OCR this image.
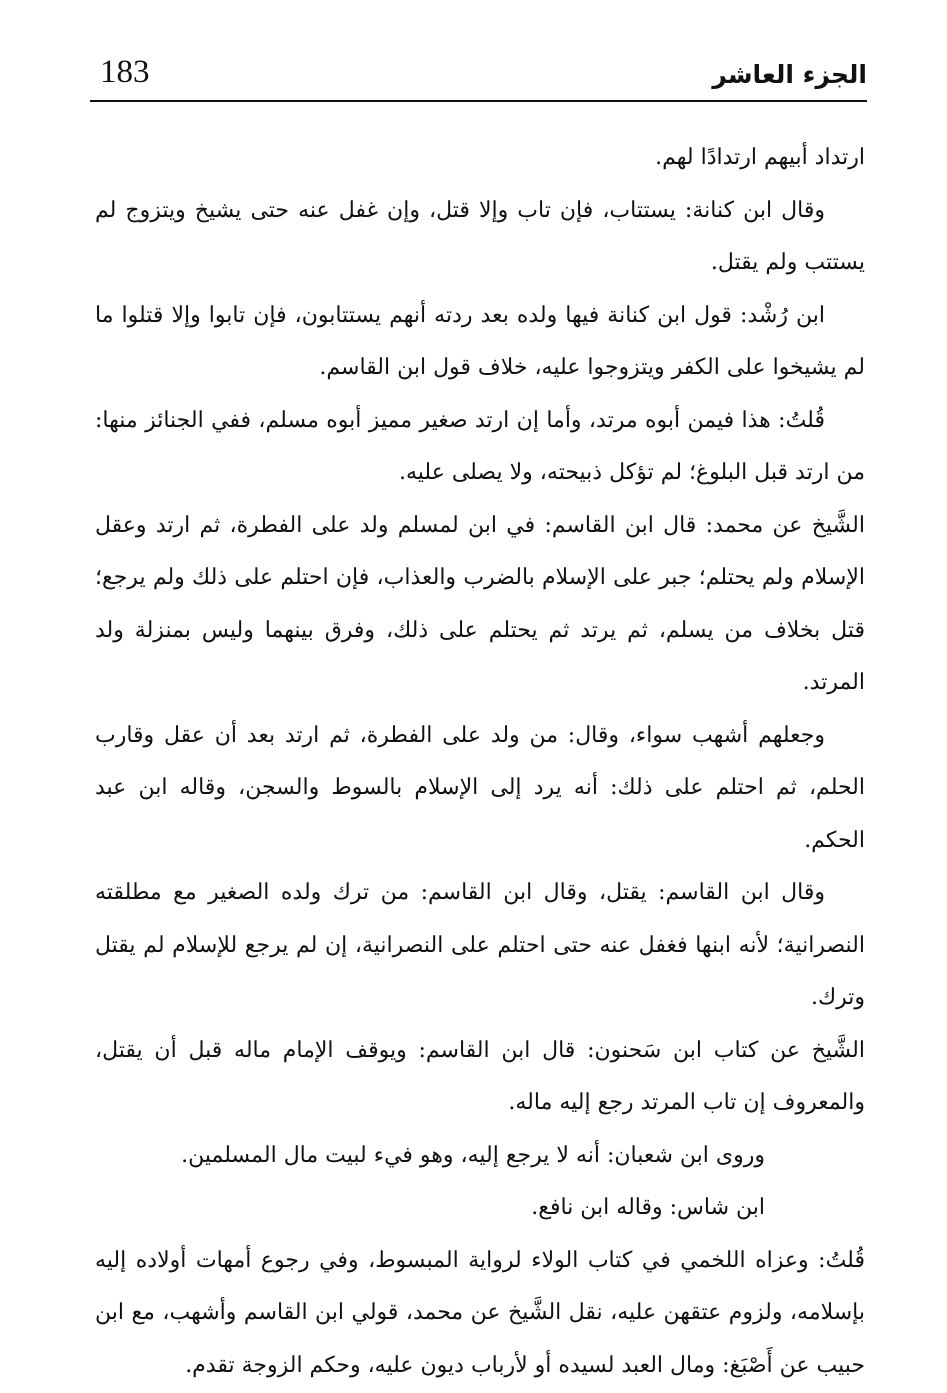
183	الجزء العاشر

ارتداد أبيهم ارتدادًا لهم.

وقال ابن كنانة: يستتاب، فإن تاب وإلا قتل، وإن غفل عنه حتى يشيخ ويتزوج لم يستتب ولم يقتل.

ابن رُشْد: قول ابن كنانة فيها ولده بعد ردته أنهم يستتابون، فإن تابوا وإلا قتلوا ما لم يشيخوا على الكفر ويتزوجوا عليه، خلاف قول ابن القاسم.

قُلتُ: هذا فيمن أبوه مرتد، وأما إن ارتد صغير مميز أبوه مسلم، ففي الجنائز منها: من ارتد قبل البلوغ؛ لم تؤكل ذبيحته، ولا يصلى عليه.

الشَّيخ عن محمد: قال ابن القاسم: في ابن لمسلم ولد على الفطرة، ثم ارتد وعقل الإسلام ولم يحتلم؛ جبر على الإسلام بالضرب والعذاب، فإن احتلم على ذلك ولم يرجع؛ قتل بخلاف من يسلم، ثم يرتد ثم يحتلم على ذلك، وفرق بينهما وليس بمنزلة ولد المرتد.

وجعلهم أشهب سواء، وقال: من ولد على الفطرة، ثم ارتد بعد أن عقل وقارب الحلم، ثم احتلم على ذلك: أنه يرد إلى الإسلام بالسوط والسجن، وقاله ابن عبد الحكم.

وقال ابن القاسم: يقتل، وقال ابن القاسم: من ترك ولده الصغير مع مطلقته النصرانية؛ لأنه ابنها فغفل عنه حتى احتلم على النصرانية، إن لم يرجع للإسلام لم يقتل وترك.

الشَّيخ عن كتاب ابن سَحنون: قال ابن القاسم: ويوقف الإمام ماله قبل أن يقتل، والمعروف إن تاب المرتد رجع إليه ماله.

وروى ابن شعبان: أنه لا يرجع إليه، وهو فيء لبيت مال المسلمين.

ابن شاس: وقاله ابن نافع.

قُلتُ: وعزاه اللخمي في كتاب الولاء لرواية المبسوط، وفي رجوع أمهات أولاده إليه بإسلامه، ولزوم عتقهن عليه، نقل الشَّيخ عن محمد، قولي ابن القاسم وأشهب، مع ابن حبيب عن أَصْبَغ: ومال العبد لسيده أو لأرباب ديون عليه، وحكم الزوجة تقدم.
